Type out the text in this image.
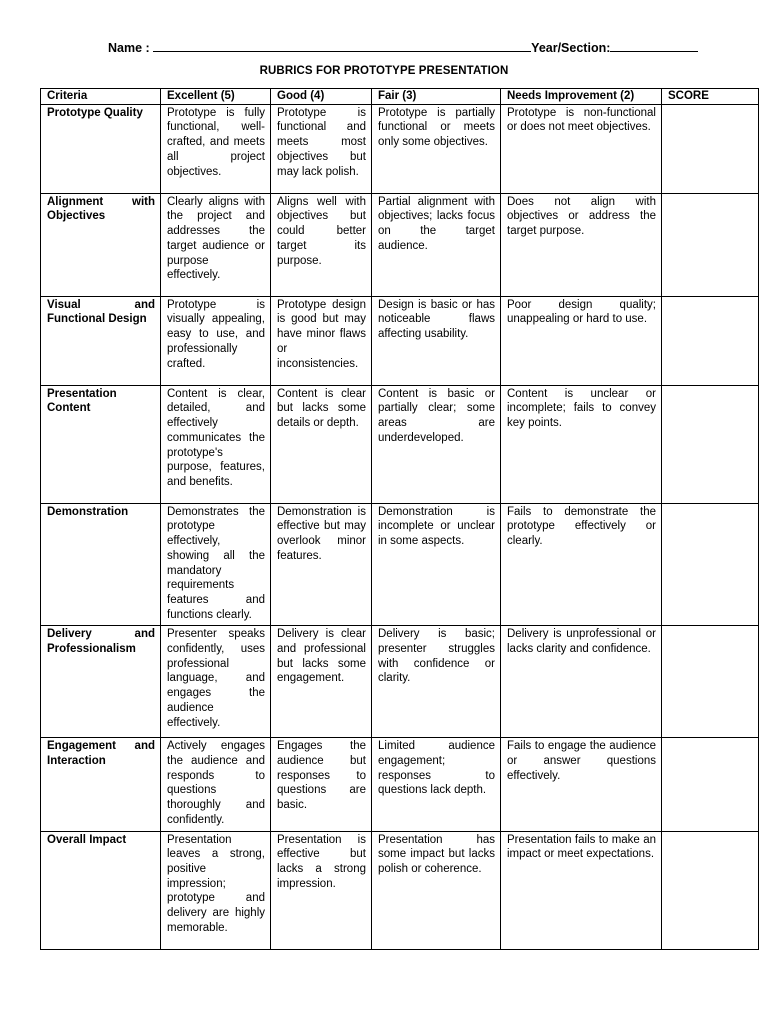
Name :	Year/Section:
RUBRICS FOR PROTOTYPE PRESENTATION
Criteria	Excellent (5)	Good (4)	Fair (3)	Needs Improvement (2)	SCORE
Prototype Quality	Prototype is fully functional, well-crafted, and meets all project objectives.	Prototype is functional and meets most objectives but may lack polish.	Prototype is partially functional or meets only some objectives.	Prototype is non-functional or does not meet objectives.	
Alignment with Objectives	Clearly aligns with the project and addresses the target audience or purpose effectively.	Aligns well with objectives but could better target its purpose.	Partial alignment with objectives; lacks focus on the target audience.	Does not align with objectives or address the target purpose.	
Visual and Functional Design	Prototype is visually appealing, easy to use, and professionally crafted.	Prototype design is good but may have minor flaws or inconsistencies.	Design is basic or has noticeable flaws affecting usability.	Poor design quality; unappealing or hard to use.	
Presentation Content	Content is clear, detailed, and effectively communicates the prototype's purpose, features, and benefits.	Content is clear but lacks some details or depth.	Content is basic or partially clear; some areas are underdeveloped.	Content is unclear or incomplete; fails to convey key points.	
Demonstration	Demonstrates the prototype effectively, showing all the mandatory requirements features and functions clearly.	Demonstration is effective but may overlook minor features.	Demonstration is incomplete or unclear in some aspects.	Fails to demonstrate the prototype effectively or clearly.	
Delivery and Professionalism	Presenter speaks confidently, uses professional language, and engages the audience effectively.	Delivery is clear and professional but lacks some engagement.	Delivery is basic; presenter struggles with confidence or clarity.	Delivery is unprofessional or lacks clarity and confidence.	
Engagement and Interaction	Actively engages the audience and responds to questions thoroughly and confidently.	Engages the audience but responses to questions are basic.	Limited audience engagement; responses to questions lack depth.	Fails to engage the audience or answer questions effectively.	
Overall Impact	Presentation leaves a strong, positive impression; prototype and delivery are highly memorable.	Presentation is effective but lacks a strong impression.	Presentation has some impact but lacks polish or coherence.	Presentation fails to make an impact or meet expectations.	
